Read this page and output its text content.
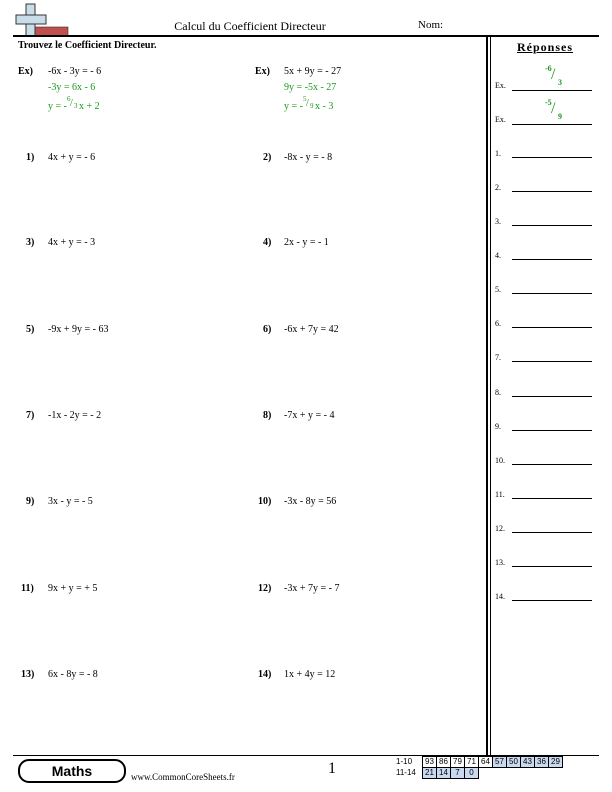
Calcul du Coefficient Directeur	Nom:
Trouvez le Coefficient Directeur.	Réponses
Ex) -6x - 3y = - 6
-3y = 6x - 6
y = -
6 / 3 x + 2
Ex) 5x + 9y = - 27
9y = -5x - 27
y = -
5 / 9 x - 3
1) 4x + y = - 6	2) -8x - y = - 8
3) 4x + y = - 3	4) 2x - y = - 1
5) -9x + 9y = - 63	6) -6x + 7y = 42
7) -1x - 2y = - 2	8) -7x + y = - 4
9) 3x - y = - 5	10) -3x - 8y = 56
11) 9x + y = + 5	12) -3x + 7y = - 7
13) 6x - 8y = - 8	14) 1x + 4y = 12
Ex.
-6 / 3
Ex.
-5 / 9
1.
2.
3.
4.
5.
6.
7.
8.
9.
10.
11.
12.
13.
14.
Maths	www.CommonCoreSheets.fr	1	1-10	93	86	79	71	64	57	50	43	36	29
11-14	21	14	7	0						
